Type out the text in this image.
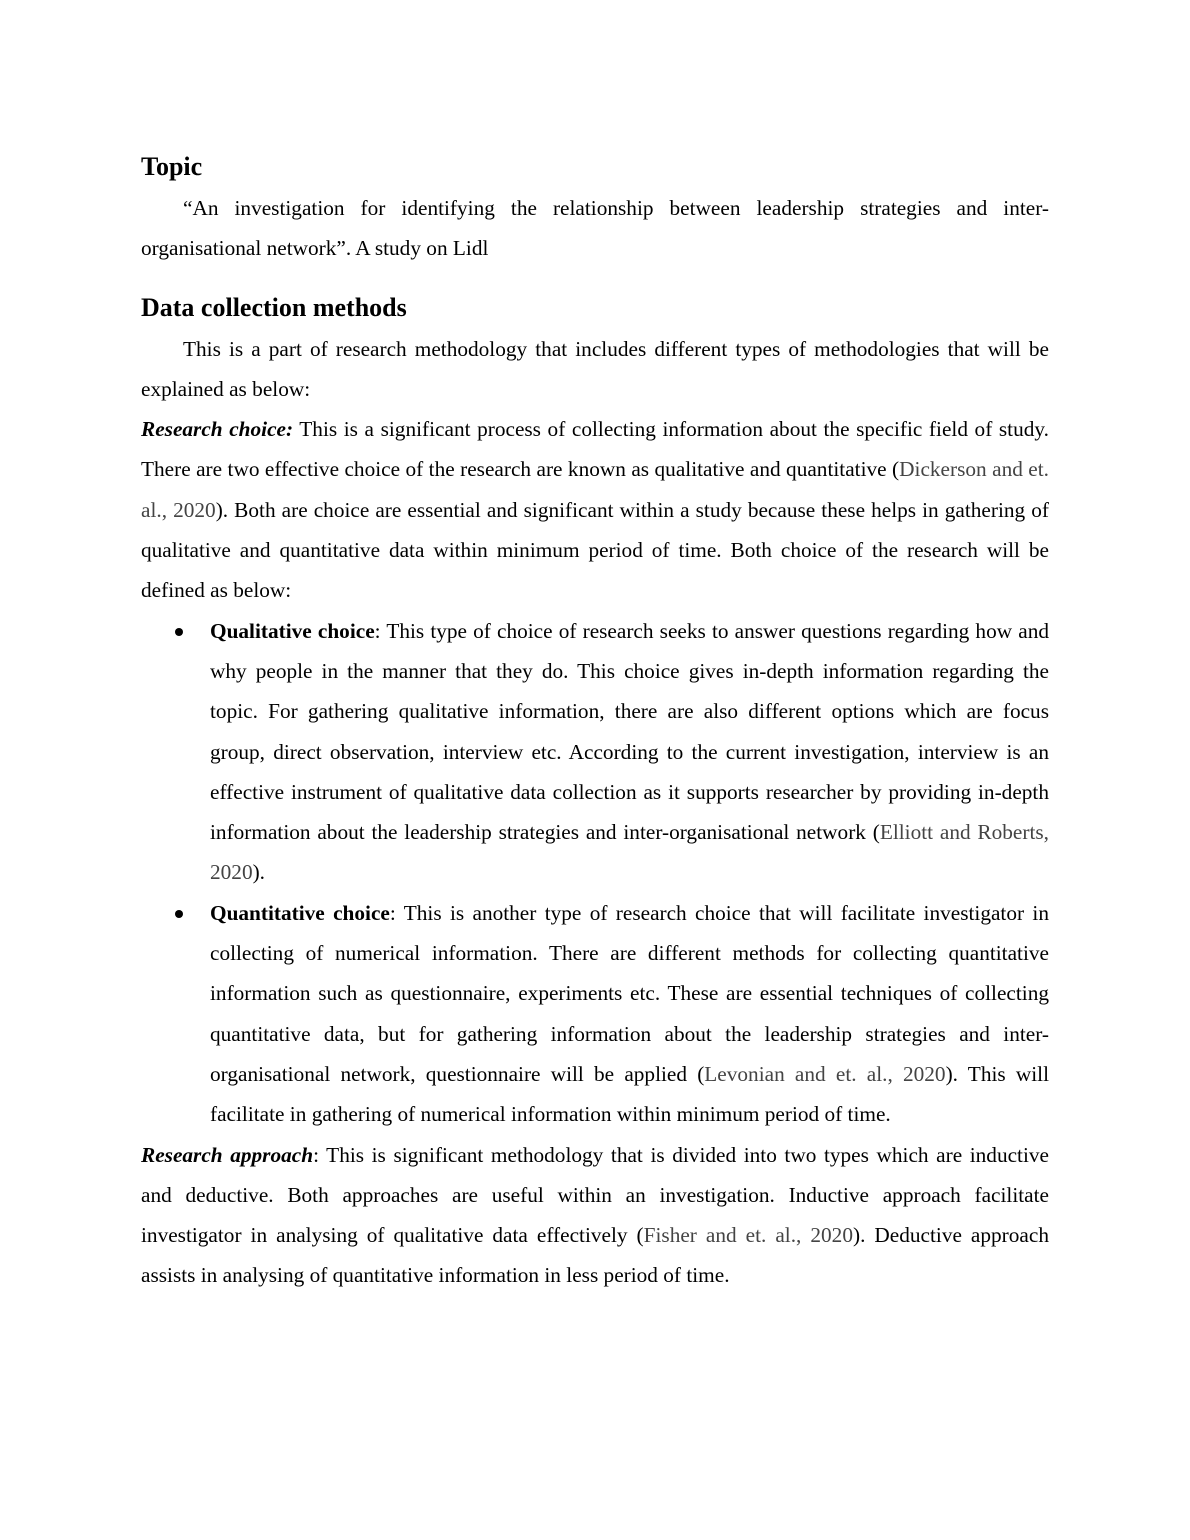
Topic

“An investigation for identifying the relationship between leadership strategies and inter-organisational network”. A study on Lidl

Data collection methods

This is a part of research methodology that includes different types of methodologies that will be explained as below:

Research choice: This is a significant process of collecting information about the specific field of study. There are two effective choice of the research are known as qualitative and quantitative (Dickerson and et. al., 2020). Both are choice are essential and significant within a study because these helps in gathering of qualitative and quantitative data within minimum period of time. Both choice of the research will be defined as below:

Qualitative choice: This type of choice of research seeks to answer questions regarding how and why people in the manner that they do. This choice gives in-depth information regarding the topic. For gathering qualitative information, there are also different options which are focus group, direct observation, interview etc. According to the current investigation, interview is an effective instrument of qualitative data collection as it supports researcher by providing in-depth information about the leadership strategies and inter-organisational network (Elliott and Roberts, 2020).
Quantitative choice: This is another type of research choice that will facilitate investigator in collecting of numerical information. There are different methods for collecting quantitative information such as questionnaire, experiments etc. These are essential techniques of collecting quantitative data, but for gathering information about the leadership strategies and inter-organisational network, questionnaire will be applied (Levonian and et. al., 2020). This will facilitate in gathering of numerical information within minimum period of time.

Research approach: This is significant methodology that is divided into two types which are inductive and deductive. Both approaches are useful within an investigation. Inductive approach facilitate investigator in analysing of qualitative data effectively (Fisher and et. al., 2020). Deductive approach assists in analysing of quantitative information in less period of time.
